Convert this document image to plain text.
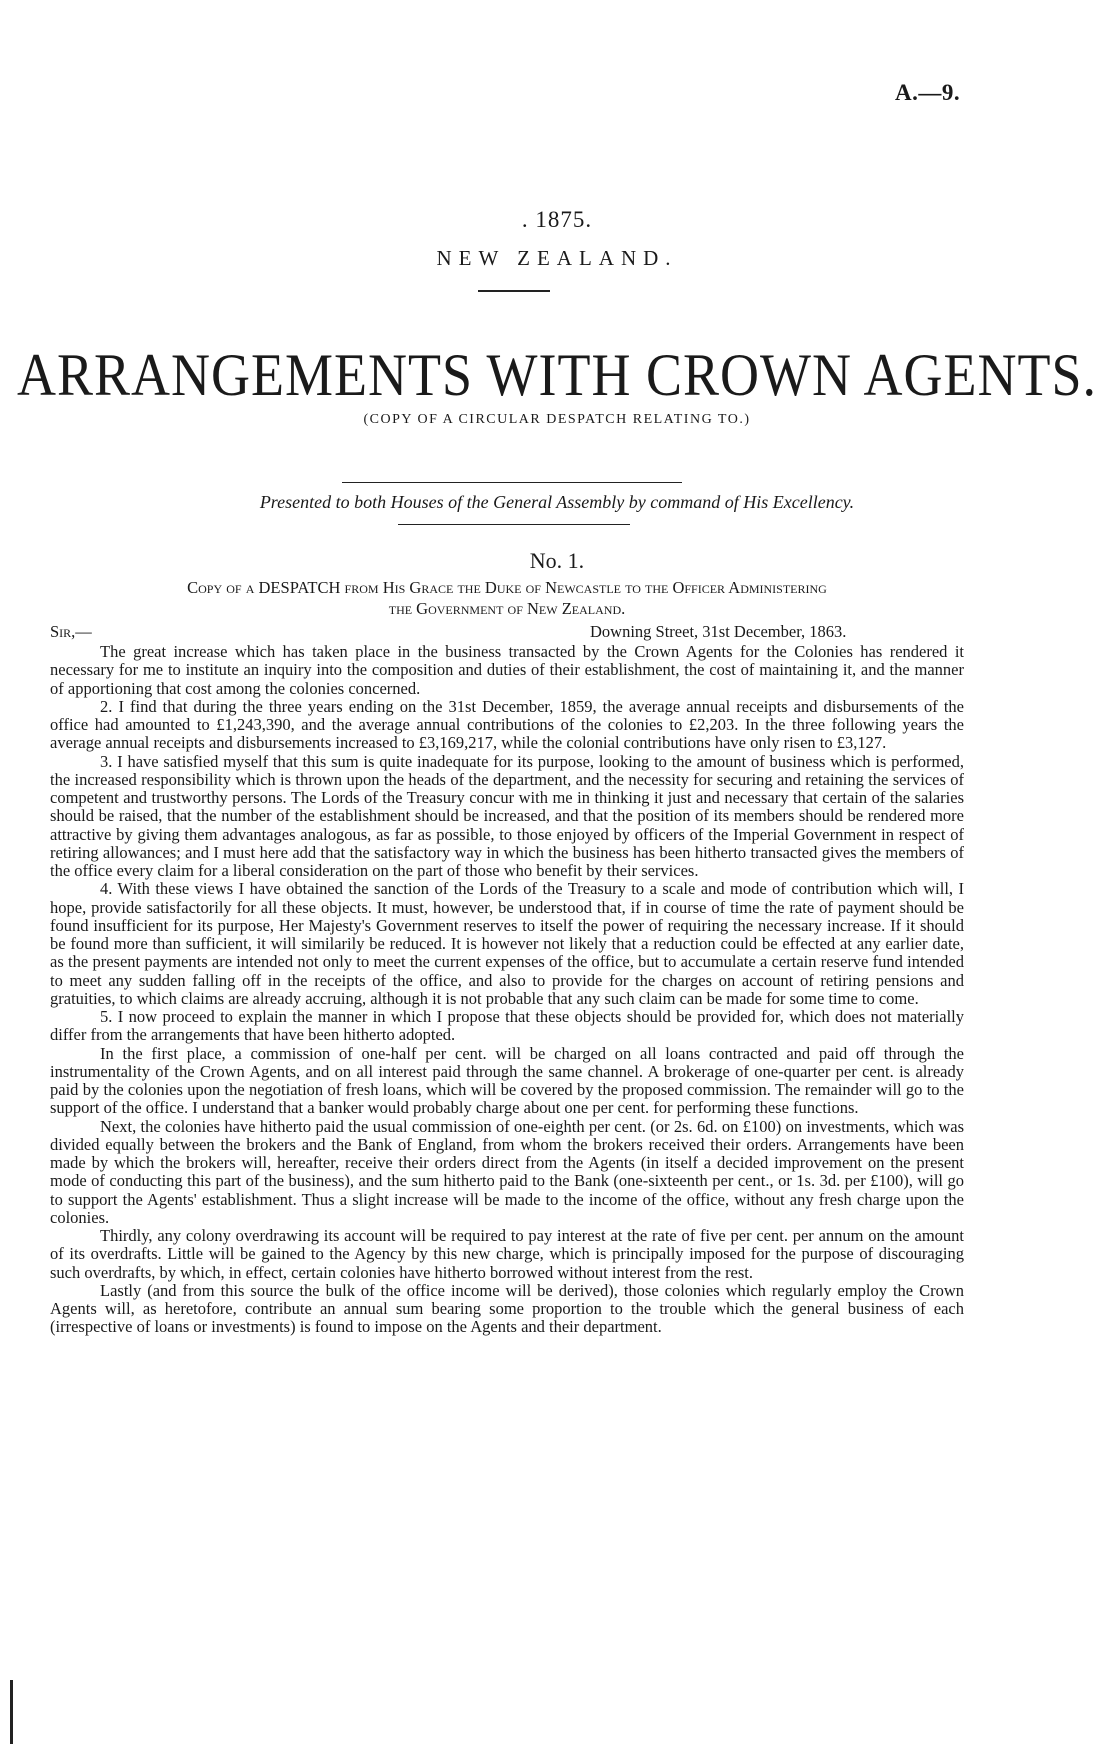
A.—9.
. 1875.
NEW ZEALAND.
ARRANGEMENTS WITH CROWN AGENTS.
(COPY OF A CIRCULAR DESPATCH RELATING TO.)
Presented to both Houses of the General Assembly by command of His Excellency.
No. 1.
Copy of a DESPATCH from His Grace the Duke of Newcastle to the Officer Administering
the Government of New Zealand.
Sir,—	Downing Street, 31st December, 1863.

The great increase which has taken place in the business transacted by the Crown Agents for the Colonies has rendered it necessary for me to institute an inquiry into the composition and duties of their establishment, the cost of maintaining it, and the manner of apportioning that cost among the colonies concerned.

2. I find that during the three years ending on the 31st December, 1859, the average annual receipts and disbursements of the office had amounted to £1,243,390, and the average annual contributions of the colonies to £2,203. In the three following years the average annual receipts and disbursements increased to £3,169,217, while the colonial contributions have only risen to £3,127.

3. I have satisfied myself that this sum is quite inadequate for its purpose, looking to the amount of business which is performed, the increased responsibility which is thrown upon the heads of the department, and the necessity for securing and retaining the services of competent and trustworthy persons. The Lords of the Treasury concur with me in thinking it just and necessary that certain of the salaries should be raised, that the number of the establishment should be increased, and that the position of its members should be rendered more attractive by giving them advantages analogous, as far as possible, to those enjoyed by officers of the Imperial Government in respect of retiring allowances; and I must here add that the satisfactory way in which the business has been hitherto transacted gives the members of the office every claim for a liberal consideration on the part of those who benefit by their services.

4. With these views I have obtained the sanction of the Lords of the Treasury to a scale and mode of contribution which will, I hope, provide satisfactorily for all these objects. It must, however, be understood that, if in course of time the rate of payment should be found insufficient for its purpose, Her Majesty's Government reserves to itself the power of requiring the necessary increase. If it should be found more than sufficient, it will similarily be reduced. It is however not likely that a reduction could be effected at any earlier date, as the present payments are intended not only to meet the current expenses of the office, but to accumulate a certain reserve fund intended to meet any sudden falling off in the receipts of the office, and also to provide for the charges on account of retiring pensions and gratuities, to which claims are already accruing, although it is not probable that any such claim can be made for some time to come.

5. I now proceed to explain the manner in which I propose that these objects should be provided for, which does not materially differ from the arrangements that have been hitherto adopted.

In the first place, a commission of one-half per cent. will be charged on all loans contracted and paid off through the instrumentality of the Crown Agents, and on all interest paid through the same channel. A brokerage of one-quarter per cent. is already paid by the colonies upon the negotiation of fresh loans, which will be covered by the proposed commission. The remainder will go to the support of the office. I understand that a banker would probably charge about one per cent. for performing these functions.

Next, the colonies have hitherto paid the usual commission of one-eighth per cent. (or 2s. 6d. on £100) on investments, which was divided equally between the brokers and the Bank of England, from whom the brokers received their orders. Arrangements have been made by which the brokers will, hereafter, receive their orders direct from the Agents (in itself a decided improvement on the present mode of conducting this part of the business), and the sum hitherto paid to the Bank (one-sixteenth per cent., or 1s. 3d. per £100), will go to support the Agents' establishment. Thus a slight increase will be made to the income of the office, without any fresh charge upon the colonies.

Thirdly, any colony overdrawing its account will be required to pay interest at the rate of five per cent. per annum on the amount of its overdrafts. Little will be gained to the Agency by this new charge, which is principally imposed for the purpose of discouraging such overdrafts, by which, in effect, certain colonies have hitherto borrowed without interest from the rest.

Lastly (and from this source the bulk of the office income will be derived), those colonies which regularly employ the Crown Agents will, as heretofore, contribute an annual sum bearing some proportion to the trouble which the general business of each (irrespective of loans or investments) is found to impose on the Agents and their department.
